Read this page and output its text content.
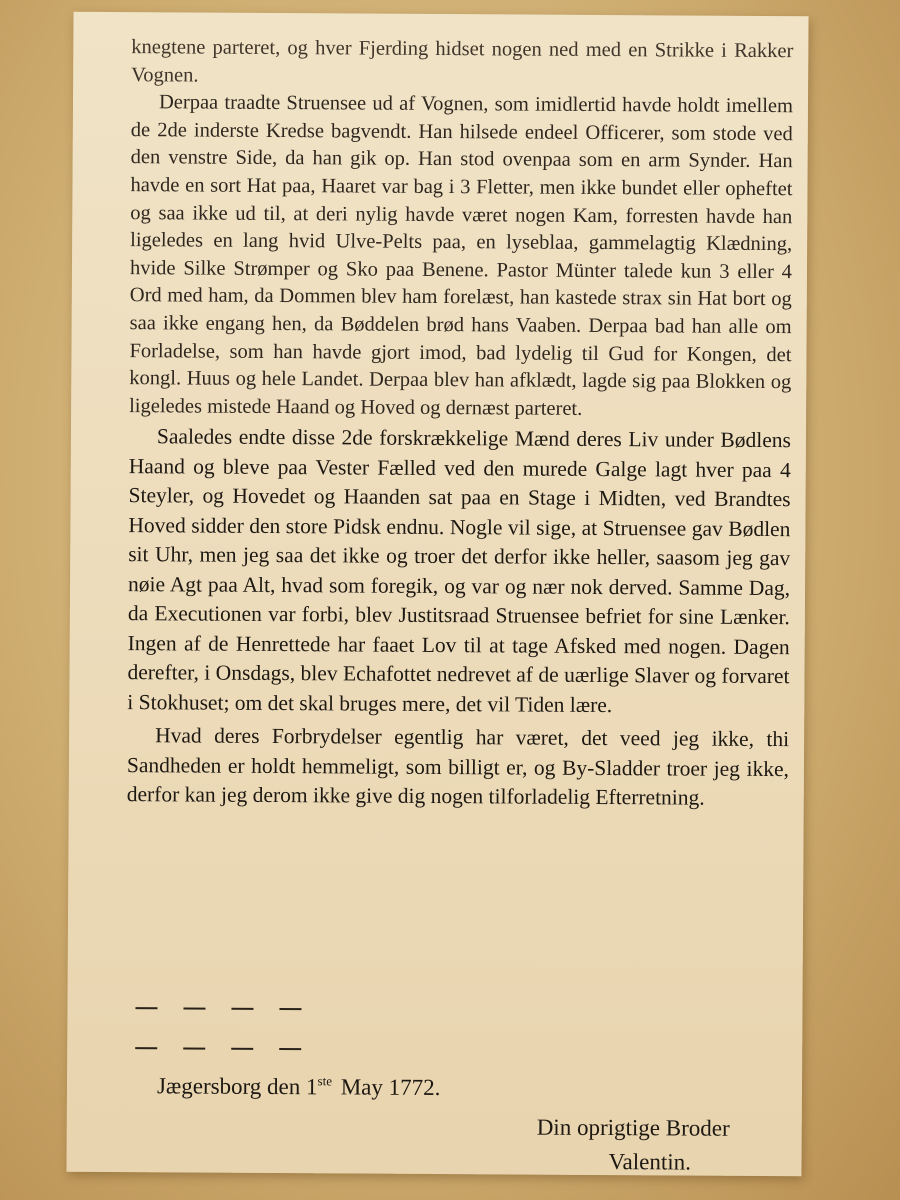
knegtene parteret, og hver Fjerding hidset nogen ned med en Strikke i Rakker Vognen.

Derpaa traadte Struensee ud af Vognen, som imidlertid havde holdt imellem de 2de inderste Kredse bagvendt. Han hilsede endeel Officerer, som stode ved den venstre Side, da han gik op. Han stod ovenpaa som en arm Synder. Han havde en sort Hat paa, Haaret var bag i 3 Fletter, men ikke bundet eller opheftet og saa ikke ud til, at deri nylig havde været nogen Kam, forresten havde han ligeledes en lang hvid Ulve-Pelts paa, en lyseblaa, gammelagtig Klædning, hvide Silke Strømper og Sko paa Benene. Pastor Münter talede kun 3 eller 4 Ord med ham, da Dommen blev ham forelæst, han kastede strax sin Hat bort og saa ikke engang hen, da Bøddelen brød hans Vaaben. Derpaa bad han alle om Forladelse, som han havde gjort imod, bad lydelig til Gud for Kongen, det kongl. Huus og hele Landet. Derpaa blev han afklædt, lagde sig paa Blokken og ligeledes mistede Haand og Hoved og dernæst parteret.

Saaledes endte disse 2de forskrækkelige Mænd deres Liv under Bødlens Haand og bleve paa Vester Fælled ved den murede Galge lagt hver paa 4 Steyler, og Hovedet og Haanden sat paa en Stage i Midten, ved Brandtes Hoved sidder den store Pidsk endnu. Nogle vil sige, at Struensee gav Bødlen sit Uhr, men jeg saa det ikke og troer det derfor ikke heller, saasom jeg gav nøie Agt paa Alt, hvad som foregik, og var og nær nok derved. Samme Dag, da Executionen var forbi, blev Justitsraad Struensee befriet for sine Lænker. Ingen af de Henrettede har faaet Lov til at tage Afsked med nogen. Dagen derefter, i Onsdags, blev Echafottet nedrevet af de uærlige Slaver og forvaret i Stokhuset; om det skal bruges mere, det vil Tiden lære.

Hvad deres Forbrydelser egentlig har været, det veed jeg ikke, thi Sandheden er holdt hemmeligt, som billigt er, og By-Sladder troer jeg ikke, derfor kan jeg derom ikke give dig nogen tilforladelig Efterretning.

Jægersborg den 1ste May 1772.
Din oprigtige Broder
Valentin.
